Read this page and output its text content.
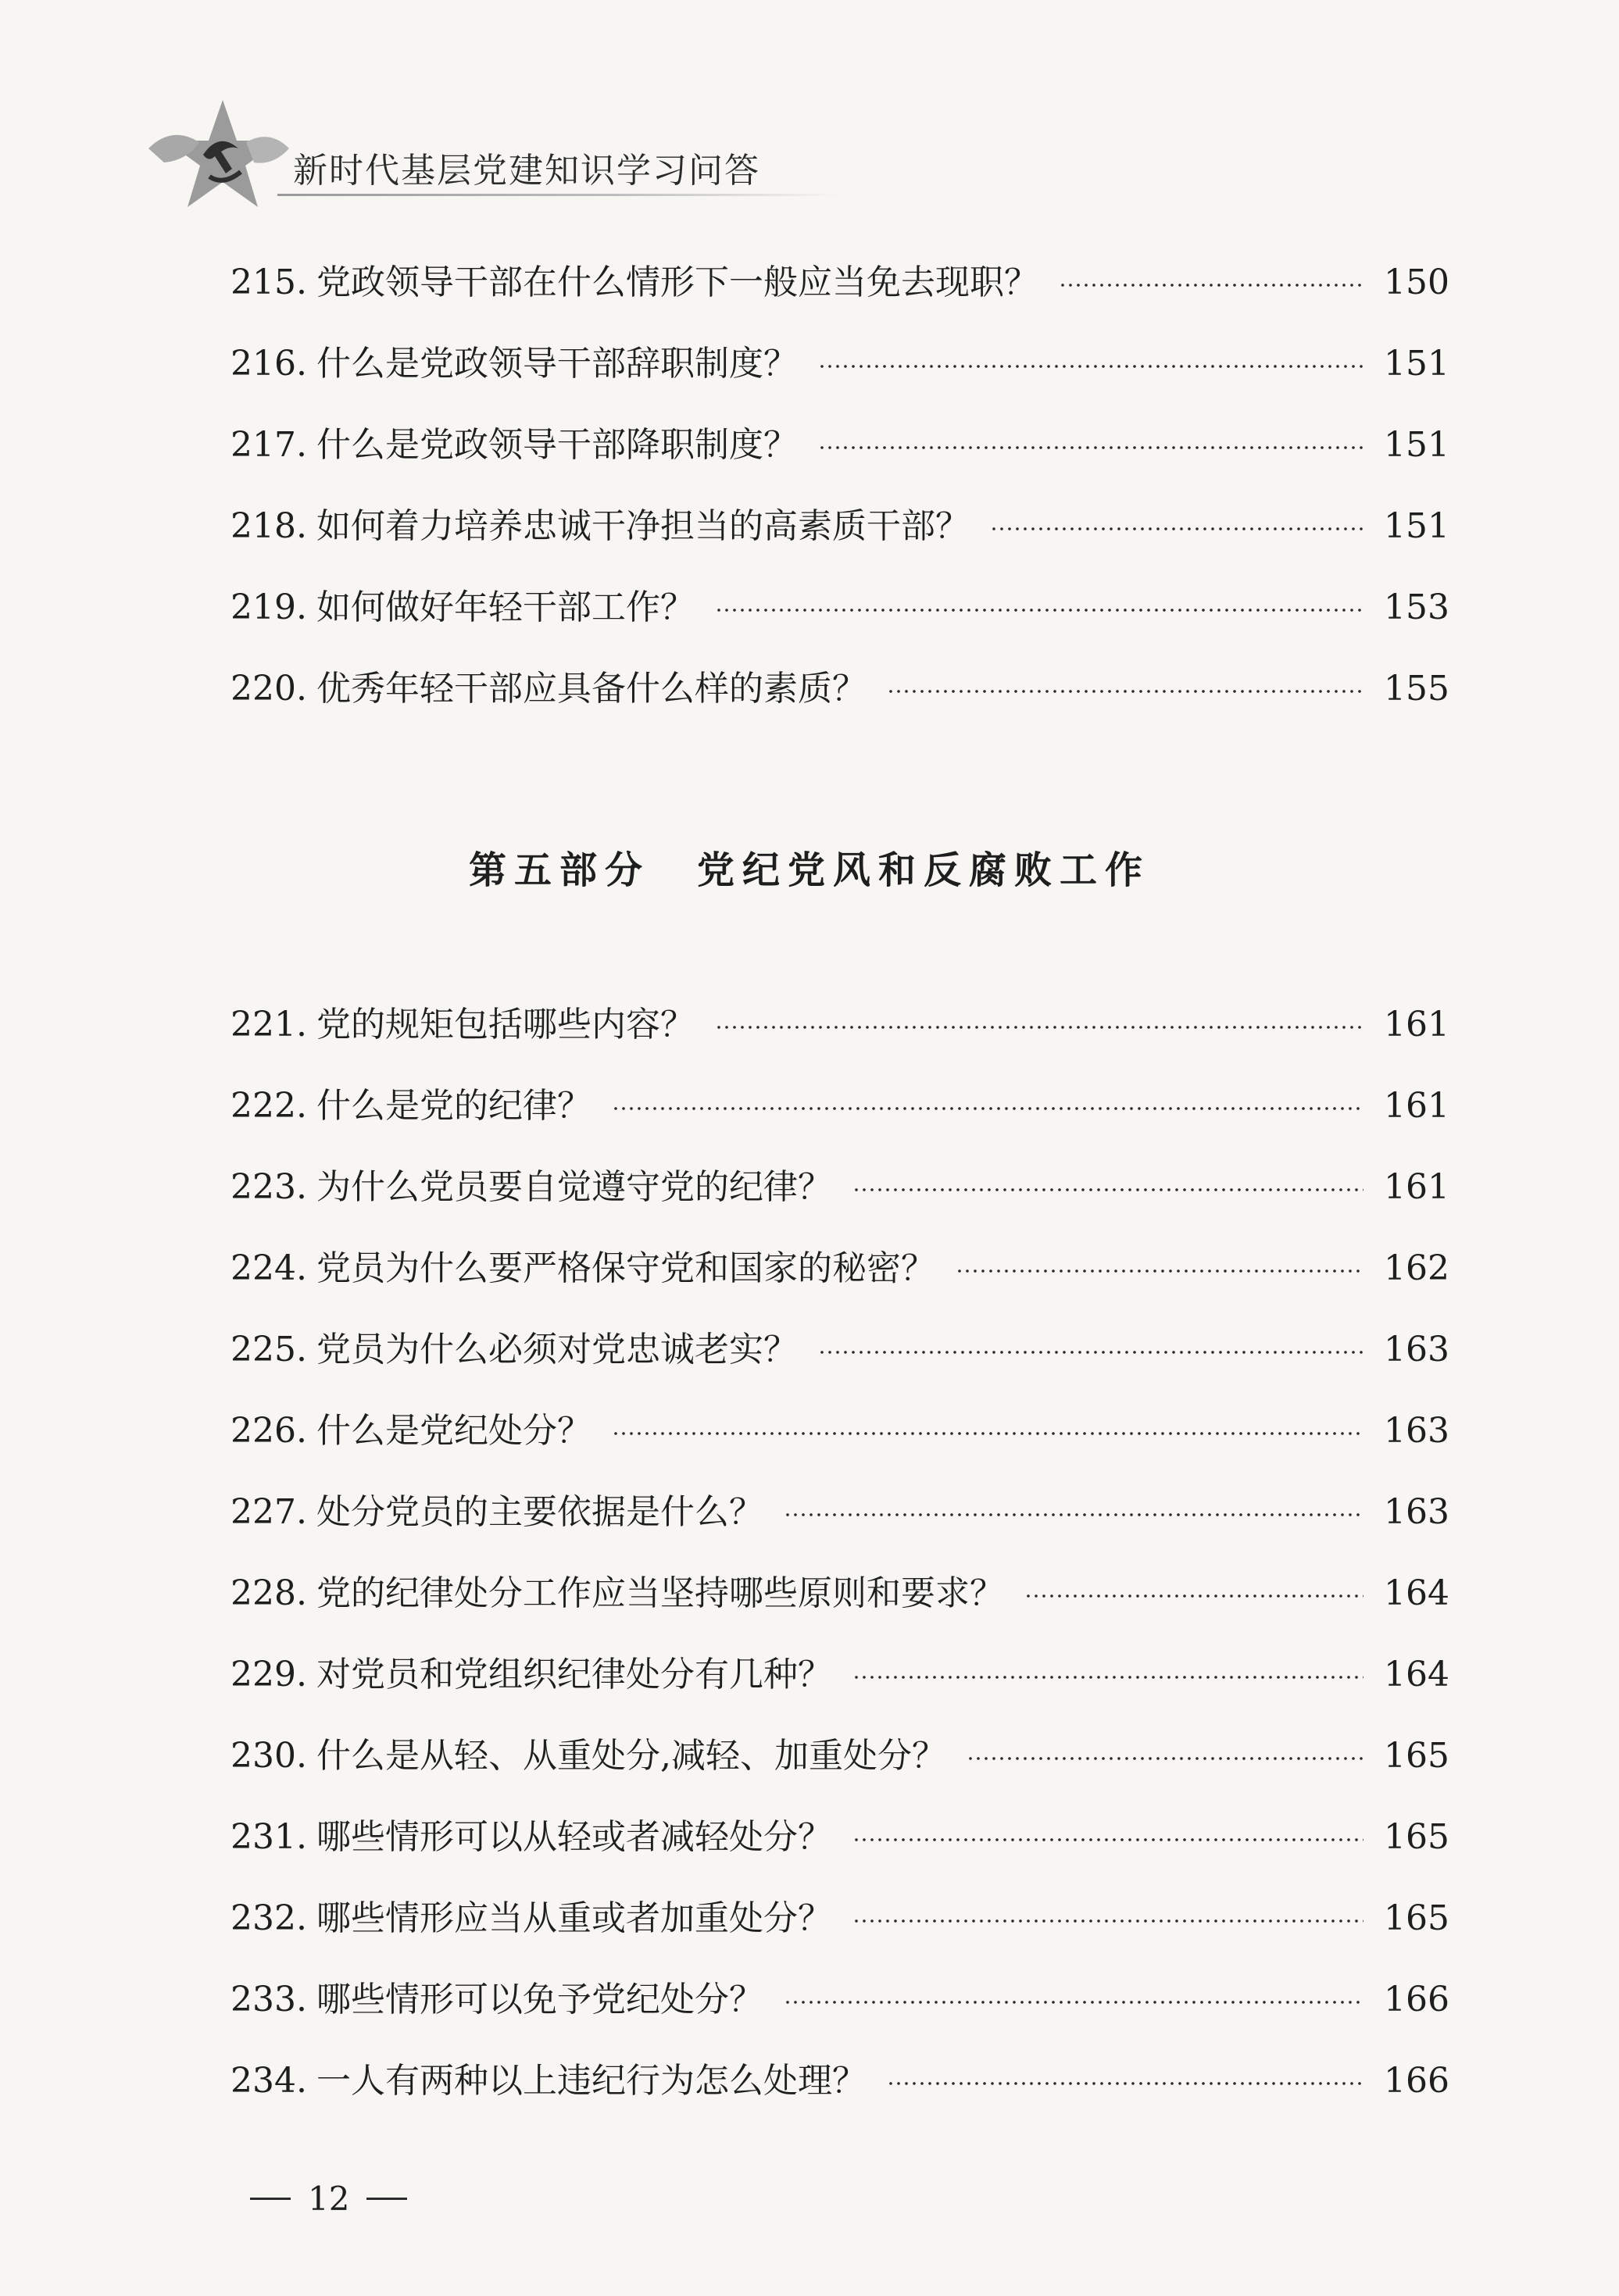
新时代基层党建知识学习问答
215. 党政领导干部在什么情形下一般应当免去现职？	150
216. 什么是党政领导干部辞职制度？	151
217. 什么是党政领导干部降职制度？	151
218. 如何着力培养忠诚干净担当的高素质干部？	151
219. 如何做好年轻干部工作？	153
220. 优秀年轻干部应具备什么样的素质？	155
第五部分 党纪党风和反腐败工作
221. 党的规矩包括哪些内容？	161
222. 什么是党的纪律？	161
223. 为什么党员要自觉遵守党的纪律？	161
224. 党员为什么要严格保守党和国家的秘密？	162
225. 党员为什么必须对党忠诚老实？	163
226. 什么是党纪处分？	163
227. 处分党员的主要依据是什么？	163
228. 党的纪律处分工作应当坚持哪些原则和要求？	164
229. 对党员和党组织纪律处分有几种？	164
230. 什么是从轻、从重处分,减轻、加重处分？	165
231. 哪些情形可以从轻或者减轻处分？	165
232. 哪些情形应当从重或者加重处分？	165
233. 哪些情形可以免予党纪处分？	166
234. 一人有两种以上违纪行为怎么处理？	166
12
